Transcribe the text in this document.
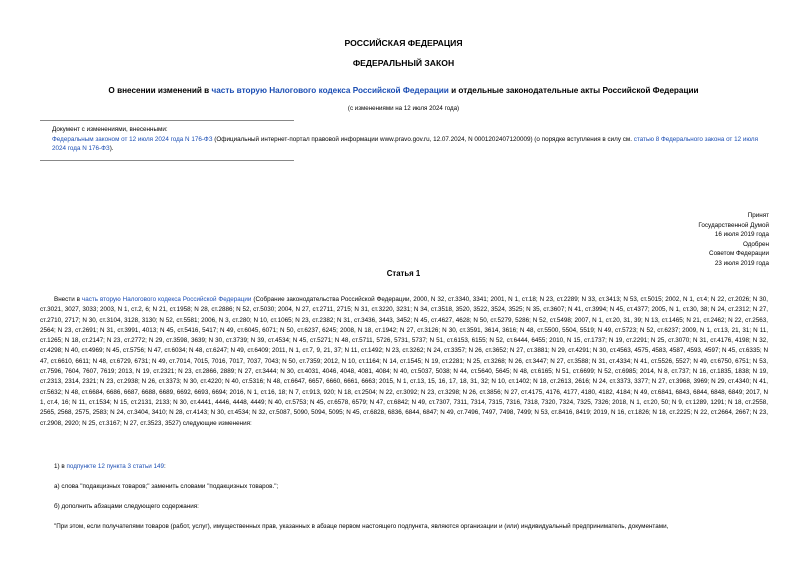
РОССИЙСКАЯ ФЕДЕРАЦИЯ
ФЕДЕРАЛЬНЫЙ ЗАКОН
О внесении изменений в часть вторую Налогового кодекса Российской Федерации и отдельные законодательные акты Российской Федерации
(с изменениями на 12 июля 2024 года)
Документ с изменениями, внесенными:
Федеральным законом от 12 июля 2024 года N 176-ФЗ (Официальный интернет-портал правовой информации www.pravo.gov.ru, 12.07.2024, N 0001202407120009) (о порядке вступления в силу см. статью 8 Федерального закона от 12 июля 2024 года N 176-ФЗ).
Принят
Государственной Думой
16 июля 2019 года
Одобрен
Советом Федерации
23 июля 2019 года
Статья 1
Внести в часть вторую Налогового кодекса Российской Федерации (Собрание законодательства Российской Федерации, 2000, N 32, ст.3340, 3341; 2001, N 1, ст.18; N 23, ст.2289; N 33, ст.3413; N 53, ст.5015; 2002, N 1, ст.4; N 22, ст.2026; N 30, ст.3021, 3027, 3033; 2003, N 1, ст.2, 6; N 21, ст.1958; N 28, ст.2886; N 52, ст.5030; 2004, N 27, ст.2711, 2715; N 31, ст.3220, 3231; N 34, ст.3518, 3520, 3522, 3524, 3525; N 35, ст.3607; N 41, ст.3994; N 45, ст.4377; 2005, N 1, ст.30, 38; N 24, ст.2312; N 27, ст.2710, 2717; N 30, ст.3104, 3128, 3130; N 52, ст.5581; 2006, N 3, ст.280; N 10, ст.1065; N 23, ст.2382; N 31, ст.3436, 3443, 3452; N 45, ст.4627, 4628; N 50, ст.5279, 5286; N 52, ст.5498; 2007, N 1, ст.20, 31, 39; N 13, ст.1465; N 21, ст.2462; N 22, ст.2563, 2564; N 23, ст.2691; N 31, ст.3991, 4013; N 45, ст.5416, 5417; N 49, ст.6045, 6071; N 50, ст.6237, 6245; 2008, N 18, ст.1942; N 27, ст.3126; N 30, ст.3591, 3614, 3616; N 48, ст.5500, 5504, 5519; N 49, ст.5723; N 52, ст.6237; 2009, N 1, ст.13, 21, 31; N 11, ст.1265; N 18, ст.2147; N 23, ст.2772; N 29, ст.3598, 3639; N 30, ст.3739; N 39, ст.4534; N 45, ст.5271; N 48, ст.5711, 5726, 5731, 5737; N 51, ст.6153, 6155; N 52, ст.6444, 6455; 2010, N 15, ст.1737; N 19, ст.2291; N 25, ст.3070; N 31, ст.4176, 4198; N 32, ст.4298; N 40, ст.4969; N 45, ст.5756; N 47, ст.6034; N 48, ст.6247; N 49, ст.6409; 2011, N 1, ст.7, 9, 21, 37; N 11, ст.1492; N 23, ст.3262; N 24, ст.3357; N 26, ст.3652; N 27, ст.3881; N 29, ст.4291; N 30, ст.4563, 4575, 4583, 4587, 4593, 4597; N 45, ст.6335; N 47, ст.6610, 6611; N 48, ст.6729, 6731; N 49, ст.7014, 7015, 7016, 7017, 7037, 7043; N 50, ст.7359; 2012, N 10, ст.1164; N 14, ст.1545; N 19, ст.2281; N 25, ст.3268; N 26, ст.3447; N 27, ст.3588; N 31, ст.4334; N 41, ст.5526, 5527; N 49, ст.6750, 6751; N 53, ст.7596, 7604, 7607, 7619; 2013, N 19, ст.2321; N 23, ст.2866, 2889; N 27, ст.3444; N 30, ст.4031, 4046, 4048, 4081, 4084; N 40, ст.5037, 5038; N 44, ст.5640, 5645; N 48, ст.6165; N 51, ст.6699; N 52, ст.6985; 2014, N 8, ст.737; N 16, ст.1835, 1838; N 19, ст.2313, 2314, 2321; N 23, ст.2938; N 26, ст.3373; N 30, ст.4220; N 40, ст.5316; N 48, ст.6647, 6657, 6660, 6661, 6663; 2015, N 1, ст.13, 15, 16, 17, 18, 31, 32; N 10, ст.1402; N 18, ст.2613, 2616; N 24, ст.3373, 3377; N 27, ст.3968, 3969; N 29, ст.4340; N 41, ст.5632; N 48, ст.6684, 6686, 6687, 6688, 6689, 6692, 6693, 6694; 2016, N 1, ст.16, 18; N 7, ст.913, 920; N 18, ст.2504; N 22, ст.3092; N 23, ст.3298; N 26, ст.3856; N 27, ст.4175, 4176, 4177, 4180, 4182, 4184; N 49, ст.6841, 6843, 6844, 6848, 6849; 2017, N 1, ст.4, 16; N 11, ст.1534; N 15, ст.2131, 2133; N 30, ст.4441, 4446, 4448, 4449; N 40, ст.5753; N 45, ст.6578, 6579; N 47, ст.6842; N 49, ст.7307, 7311, 7314, 7315, 7316, 7318, 7320, 7324, 7325, 7326; 2018, N 1, ст.20, 50; N 9, ст.1289, 1291; N 18, ст.2558, 2565, 2568, 2575, 2583; N 24, ст.3404, 3410; N 28, ст.4143; N 30, ст.4534; N 32, ст.5087, 5090, 5094, 5095; N 45, ст.6828, 6836, 6844, 6847; N 49, ст.7496, 7497, 7498, 7499; N 53, ст.8416, 8419; 2019, N 16, ст.1826; N 18, ст.2225; N 22, ст.2664, 2667; N 23, ст.2908, 2920; N 25, ст.3167; N 27, ст.3523, 3527) следующие изменения:
1) в подпункте 12 пункта 3 статьи 149:
а) слова "подакцизных товаров;" заменить словами "подакцизных товаров.";
б) дополнить абзацами следующего содержания:
"При этом, если получателями товаров (работ, услуг), имущественных прав, указанных в абзаце первом настоящего подпункта, являются организации и (или) индивидуальный предприниматель, документами,
